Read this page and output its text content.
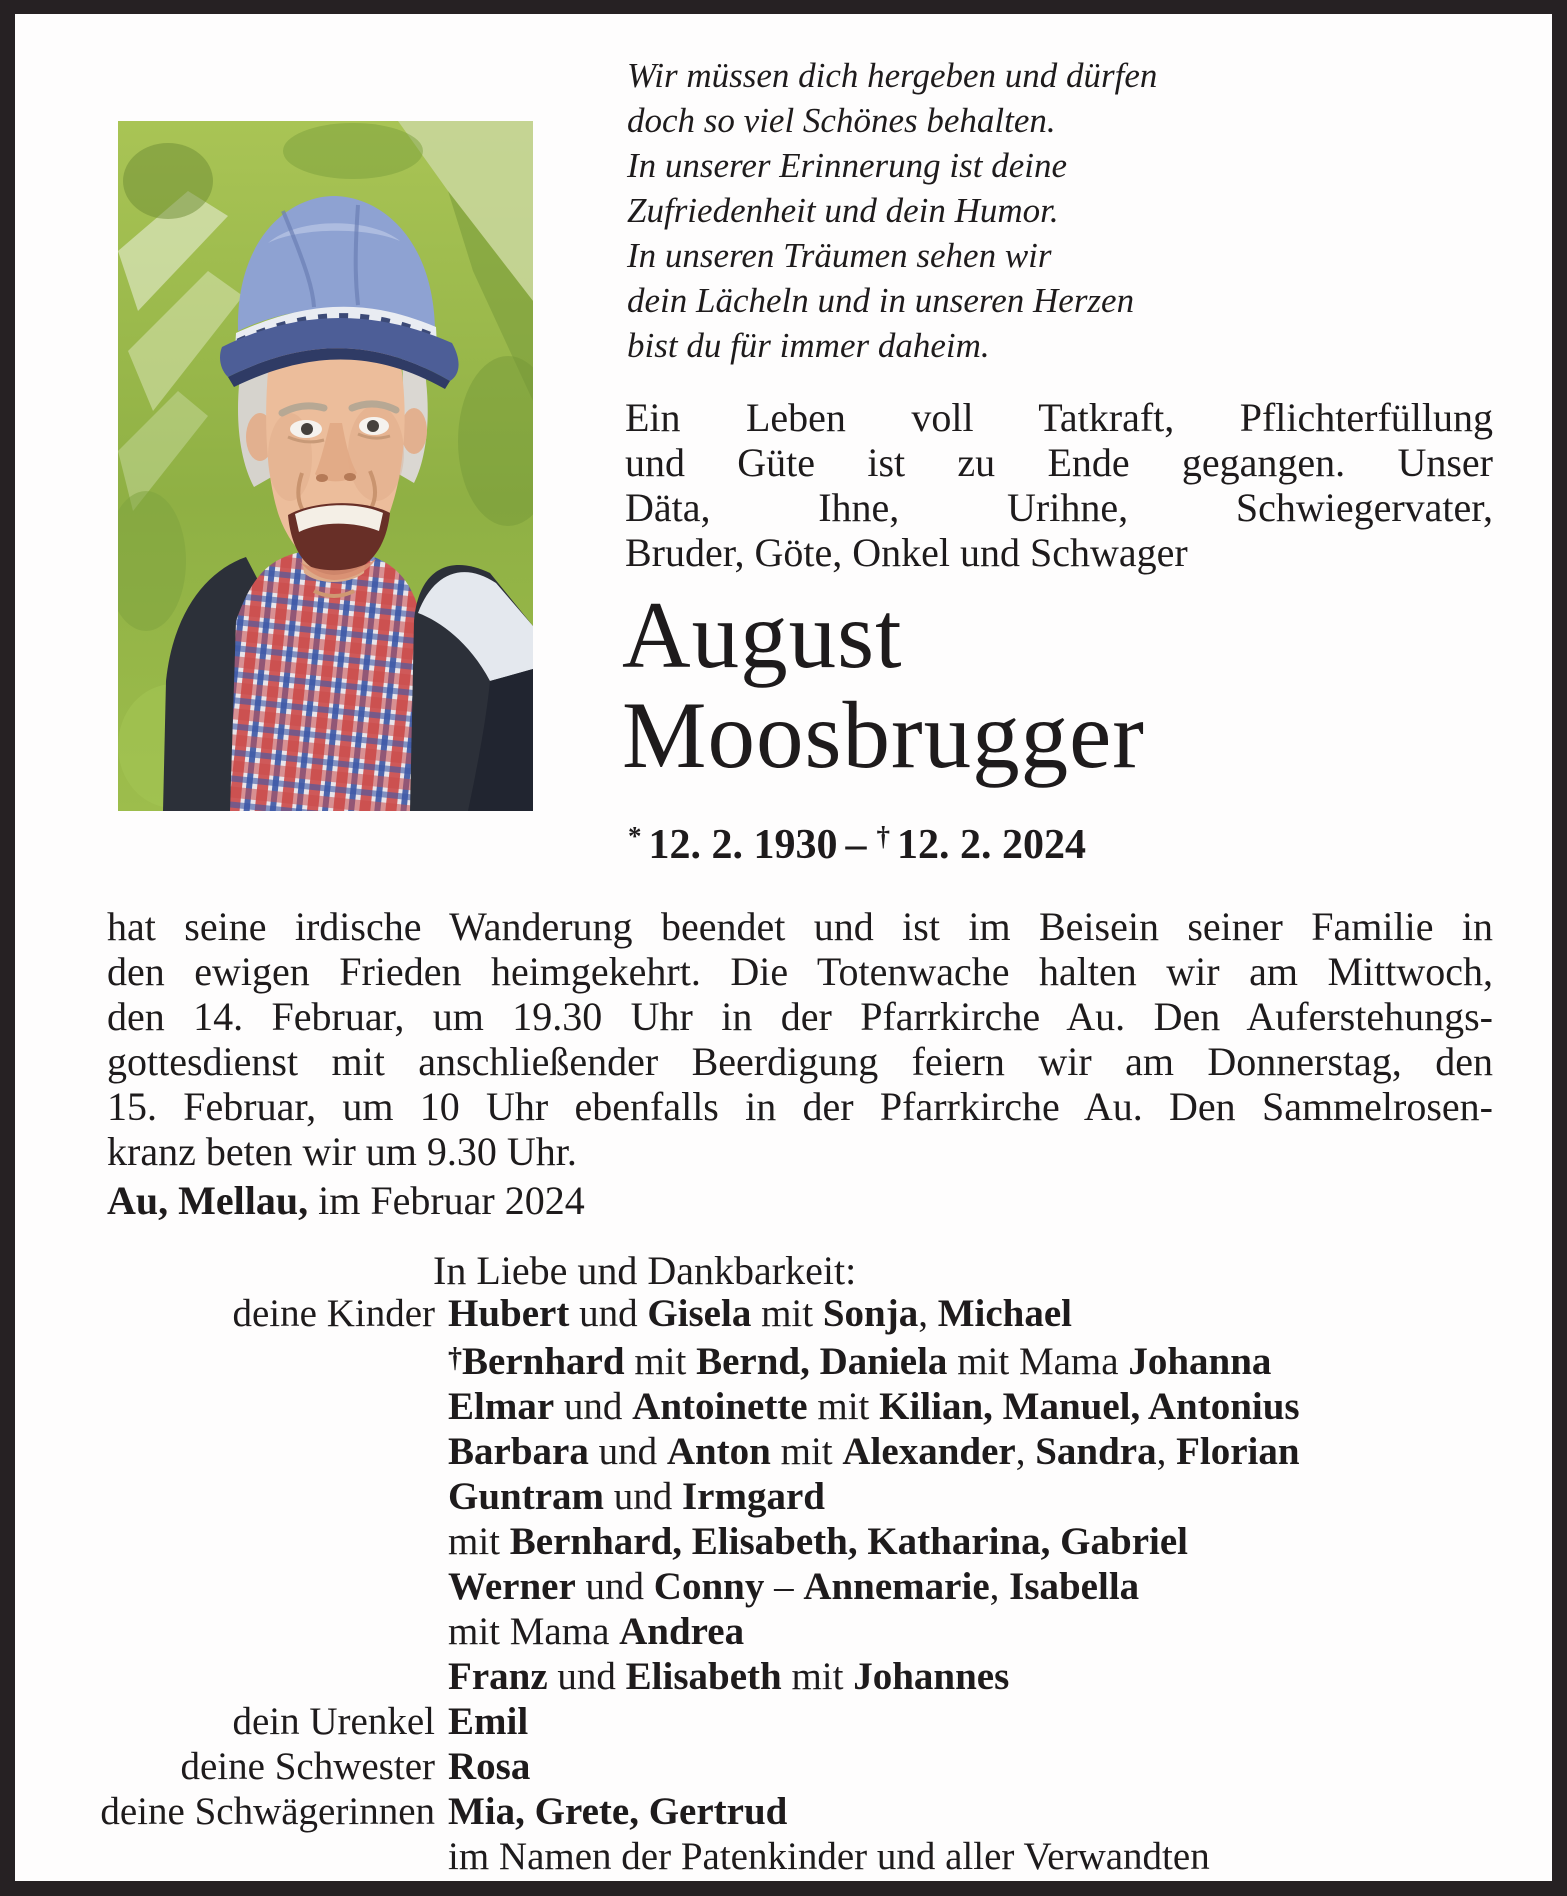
Wir müssen dich hergeben und dürfen
doch so viel Schönes behalten.
In unserer Erinnerung ist deine
Zufriedenheit und dein Humor.
In unseren Träumen sehen wir
dein Lächeln und in unseren Herzen
bist du für immer daheim.
Ein Leben voll Tatkraft, Pflichterfüllung
und Güte ist zu Ende gegangen. Unser
Däta, Ihne, Urihne, Schwiegervater,
Bruder, Göte, Onkel und Schwager
August
Moosbrugger
* 12. 2. 1930 – † 12. 2. 2024
hat seine irdische Wanderung beendet und ist im Beisein seiner Familie in
den ewigen Frieden heimgekehrt. Die Totenwache halten wir am Mittwoch,
den 14. Februar, um 19.30 Uhr in der Pfarrkirche Au. Den Auferstehungs-
gottesdienst mit anschließender Beerdigung feiern wir am Donnerstag, den
15. Februar, um 10 Uhr ebenfalls in der Pfarrkirche Au. Den Sammelrosen-
kranz beten wir um 9.30 Uhr.
Au, Mellau, im Februar 2024
In Liebe und Dankbarkeit:
deine Kinder Hubert und Gisela mit Sonja, Michael
†Bernhard mit Bernd, Daniela mit Mama Johanna
Elmar und Antoinette mit Kilian, Manuel, Antonius
Barbara und Anton mit Alexander, Sandra, Florian
Guntram und Irmgard
mit Bernhard, Elisabeth, Katharina, Gabriel
Werner und Conny – Annemarie, Isabella
mit Mama Andrea
Franz und Elisabeth mit Johannes
dein Urenkel Emil
deine Schwester Rosa
deine Schwägerinnen Mia, Grete, Gertrud
im Namen der Patenkinder und aller Verwandten
